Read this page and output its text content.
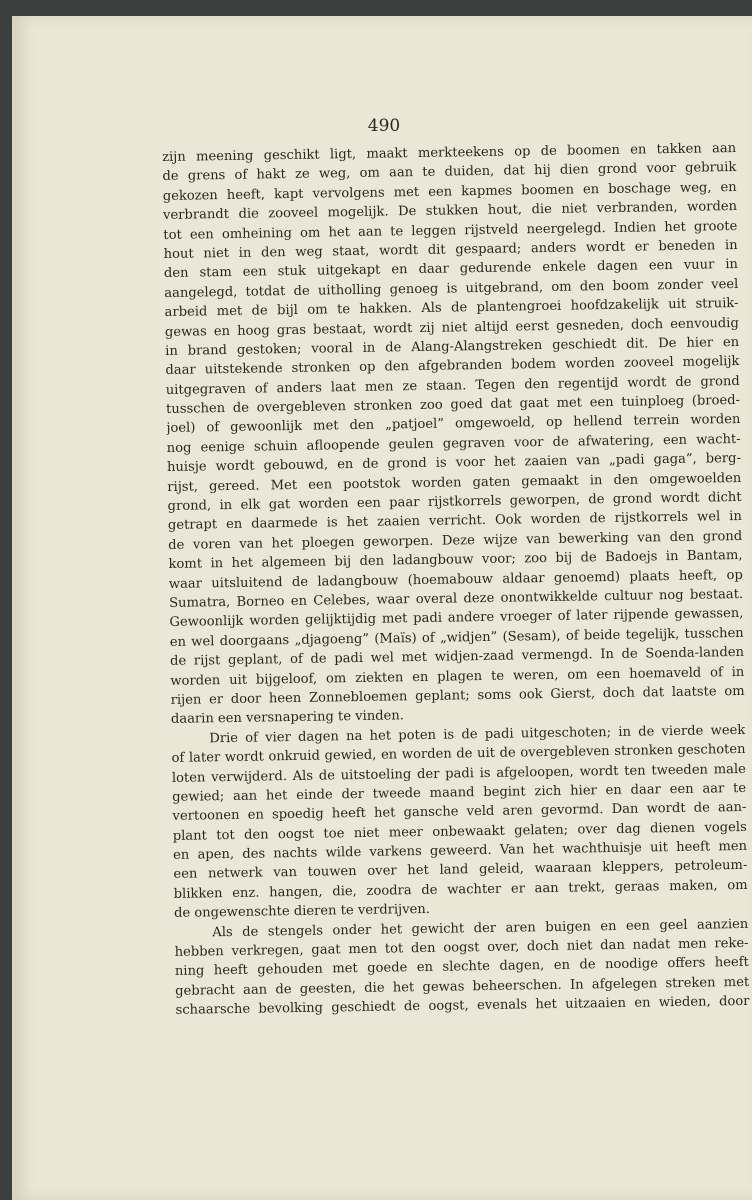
490
zijn meening geschikt ligt, maakt merkteekens op de boomen en takken aan
de grens of hakt ze weg, om aan te duiden, dat hij dien grond voor gebruik
gekozen heeft, kapt vervolgens met een kapmes boomen en boschage weg, en
verbrandt die zooveel mogelijk. De stukken hout, die niet verbranden, worden
tot een omheining om het aan te leggen rijstveld neergelegd. Indien het groote
hout niet in den weg staat, wordt dit gespaard; anders wordt er beneden in
den stam een stuk uitgekapt en daar gedurende enkele dagen een vuur in
aangelegd, totdat de uitholling genoeg is uitgebrand, om den boom zonder veel
arbeid met de bijl om te hakken. Als de plantengroei hoofdzakelijk uit struik-
gewas en hoog gras bestaat, wordt zij niet altijd eerst gesneden, doch eenvoudig
in brand gestoken; vooral in de Alang-Alangstreken geschiedt dit. De hier en
daar uitstekende stronken op den afgebranden bodem worden zooveel mogelijk
uitgegraven of anders laat men ze staan. Tegen den regentijd wordt de grond
tusschen de overgebleven stronken zoo goed dat gaat met een tuinploeg (broed-
joel) of gewoonlijk met den „patjoel” omgewoeld, op hellend terrein worden
nog eenige schuin afloopende geulen gegraven voor de afwatering, een wacht-
huisje wordt gebouwd, en de grond is voor het zaaien van „padi gaga”, berg-
rijst, gereed. Met een pootstok worden gaten gemaakt in den omgewoelden
grond, in elk gat worden een paar rijstkorrels geworpen, de grond wordt dicht
getrapt en daarmede is het zaaien verricht. Ook worden de rijstkorrels wel in
de voren van het ploegen geworpen. Deze wijze van bewerking van den grond
komt in het algemeen bij den ladangbouw voor; zoo bij de Badoejs in Bantam,
waar uitsluitend de ladangbouw (hoemabouw aldaar genoemd) plaats heeft, op
Sumatra, Borneo en Celebes, waar overal deze onontwikkelde cultuur nog bestaat.
Gewoonlijk worden gelijktijdig met padi andere vroeger of later rijpende gewassen,
en wel doorgaans „djagoeng” (Maïs) of „widjen” (Sesam), of beide tegelijk, tusschen
de rijst geplant, of de padi wel met widjen-zaad vermengd. In de Soenda-landen
worden uit bijgeloof, om ziekten en plagen te weren, om een hoemaveld of in
rijen er door heen Zonnebloemen geplant; soms ook Gierst, doch dat laatste om
daarin een versnapering te vinden.
Drie of vier dagen na het poten is de padi uitgeschoten; in de vierde week
of later wordt onkruid gewied, en worden de uit de overgebleven stronken geschoten
loten verwijderd. Als de uitstoeling der padi is afgeloopen, wordt ten tweeden male
gewied; aan het einde der tweede maand begint zich hier en daar een aar te
vertoonen en spoedig heeft het gansche veld aren gevormd. Dan wordt de aan-
plant tot den oogst toe niet meer onbewaakt gelaten; over dag dienen vogels
en apen, des nachts wilde varkens geweerd. Van het wachthuisje uit heeft men
een netwerk van touwen over het land geleid, waaraan kleppers, petroleum-
blikken enz. hangen, die, zoodra de wachter er aan trekt, geraas maken, om
de ongewenschte dieren te verdrijven.
Als de stengels onder het gewicht der aren buigen en een geel aanzien
hebben verkregen, gaat men tot den oogst over, doch niet dan nadat men reke-
ning heeft gehouden met goede en slechte dagen, en de noodige offers heeft
gebracht aan de geesten, die het gewas beheerschen. In afgelegen streken met
schaarsche bevolking geschiedt de oogst, evenals het uitzaaien en wieden, door
